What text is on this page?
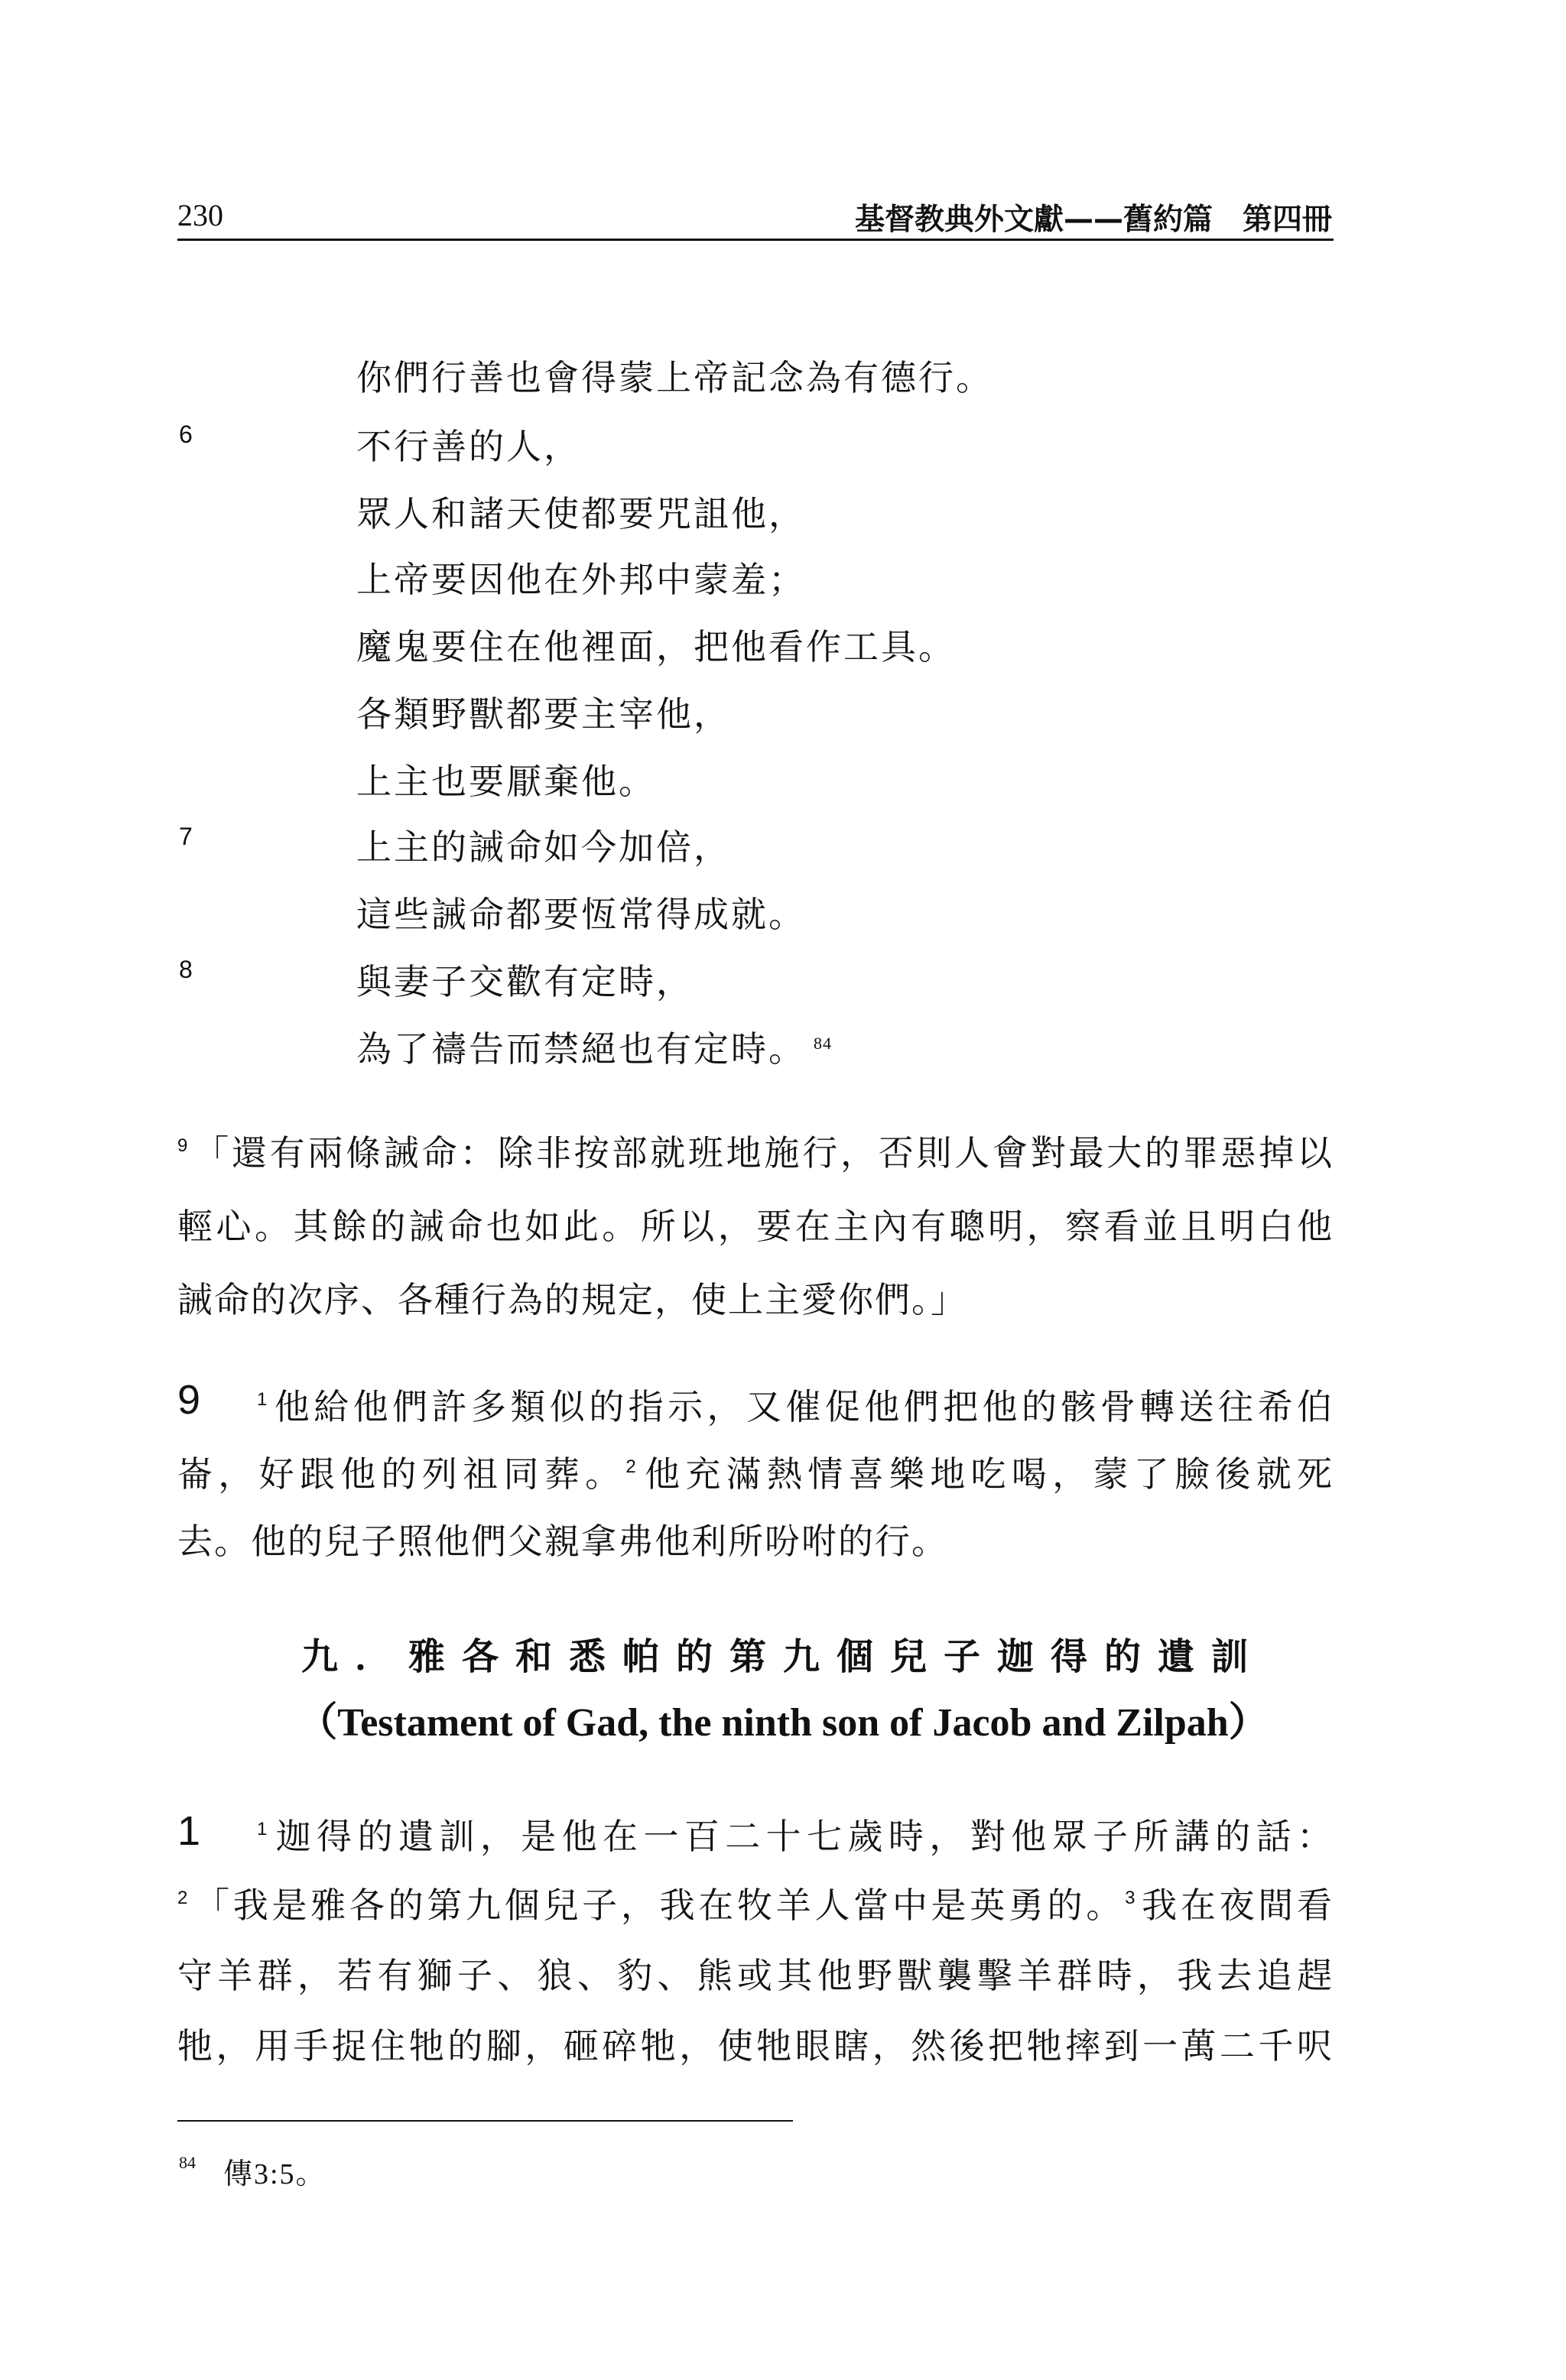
230	基督教典外文獻——舊約篇　第四冊
你們行善也會得蒙上帝記念為有德行。
6	不行善的人，
眾人和諸天使都要咒詛他，
上帝要因他在外邦中蒙羞；
魔鬼要住在他裡面，把他看作工具。
各類野獸都要主宰他，
上主也要厭棄他。
7	上主的誡命如今加倍，
這些誡命都要恆常得成就。
8	與妻子交歡有定時，
為了禱告而禁絕也有定時。 $^{84}$
$^9$ 「還有兩條誡命：除非按部就班地施行，否則人會對最大的罪惡掉以
輕心。其餘的誡命也如此。所以，要在主內有聰明，察看並且明白他
誡命的次序、各種行為的規定，使上主愛你們。」
9	$^1$ 他給他們許多類似的指示，又催促他們把他的骸骨轉送往希伯
崙，好跟他的列祖同葬。$^2$ 他充滿熱情喜樂地吃喝，蒙了臉後就死
去。他的兒子照他們父親拿弗他利所吩咐的行。
九．雅各和悉帕的第九個兒子迦得的遺訓
（Testament of Gad, the ninth son of Jacob and Zilpah）
1	$^1$ 迦得的遺訓，是他在一百二十七歲時，對他眾子所講的話：
$^2$ 「我是雅各的第九個兒子，我在牧羊人當中是英勇的。$^3$ 我在夜間看
守羊群，若有獅子、狼、豹、熊或其他野獸襲擊羊群時，我去追趕
牠，用手捉住牠的腳，砸碎牠，使牠眼瞎，然後把牠摔到一萬二千呎
84 傳3:5。
